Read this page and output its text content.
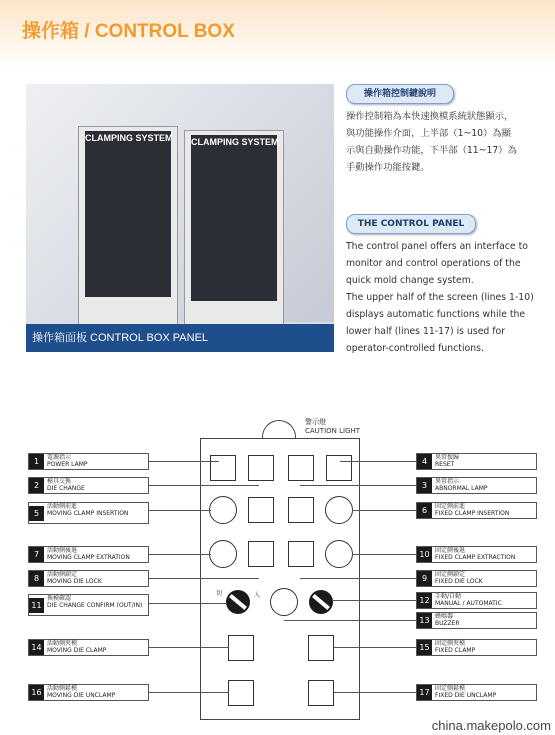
操作箱 / CONTROL BOX
CLAMPING SYSTEM CLAMPING SYSTEM
操作箱面板 CONTROL BOX PANEL
操作箱控制鍵說明
操作控制箱為本快速換模系統狀態顯示，
與功能操作介面，上半部（1~10）為顯
示與自動操作功能，下半部（11~17）為
手動操作功能按鍵。
THE CONTROL PANEL
The control panel offers an interface to
monitor and control operations of the
quick mold change system.
The upper half of the screen (lines 1-10)
displays automatic functions while the
lower half (lines 11-17) is used for
operator-controlled functions.
警示燈
CAUTION LIGHT
切	入
1	電源指示
POWER LAMP
2	模具交換
DIE CHANGE
5
活動側前進
MOVING CLAMP INSERTION
7	活動側後退
MOVING CLAMP EXTRATION
8	活動側鎖定
MOVING DIE LOCK
11
換模確認
DIE CHANGE CONFIRM (OUT/IN)
14 活動側夾模
MOVING DIE CLAMP
16 活動側鬆模
MOVING DIE UNCLAMP
4	異常復歸
RESET
3	異常指示
ABNORMAL LAMP
6	固定側前進
FIXED CLAMP INSERTION
10 固定側後退
FIXED CLAMP EXTRACTION
9	固定側鎖定
FIXED DIE LOCK
12 手動/自動
MANUAL / AUTOMATIC
13 蜂鳴器
BUZZER
15 固定側夾模
FIXED CLAMP
17 固定側鬆模
FIXED DIE UNCLAMP
china.makepolo.com
